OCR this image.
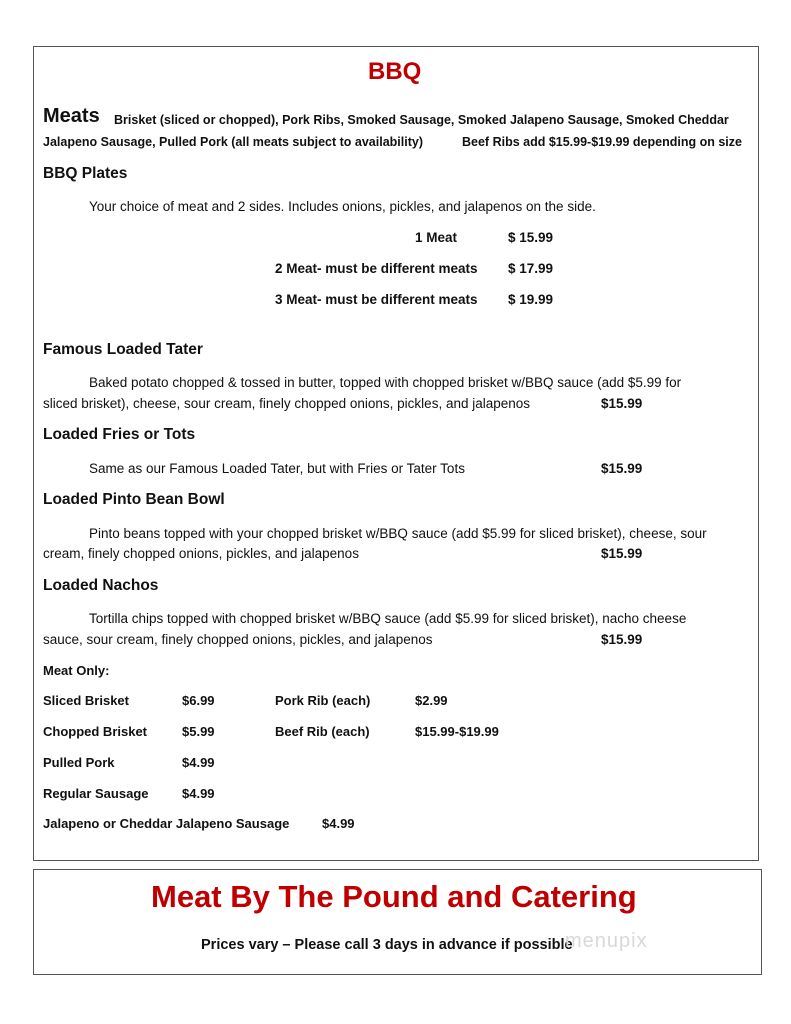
BBQ
Meats Brisket (sliced or chopped), Pork Ribs, Smoked Sausage, Smoked Jalapeno Sausage, Smoked Cheddar
Jalapeno Sausage, Pulled Pork (all meats subject to availability)	Beef Ribs add $15.99-$19.99 depending on size
BBQ Plates
Your choice of meat and 2 sides. Includes onions, pickles, and jalapenos on the side.
1 Meat	$ 15.99
2 Meat- must be different meats $ 17.99
3 Meat- must be different meats $ 19.99
Famous Loaded Tater
Baked potato chopped & tossed in butter, topped with chopped brisket w/BBQ sauce (add $5.99 for
sliced brisket), cheese, sour cream, finely chopped onions, pickles, and jalapenos	$15.99
Loaded Fries or Tots
Same as our Famous Loaded Tater, but with Fries or Tater Tots	$15.99
Loaded Pinto Bean Bowl
Pinto beans topped with your chopped brisket w/BBQ sauce (add $5.99 for sliced brisket), cheese, sour
cream, finely chopped onions, pickles, and jalapenos	$15.99
Loaded Nachos
Tortilla chips topped with chopped brisket w/BBQ sauce (add $5.99 for sliced brisket), nacho cheese
sauce, sour cream, finely chopped onions, pickles, and jalapenos	$15.99
Meat Only:
Sliced Brisket	$6.99	Pork Rib (each)	$2.99
Chopped Brisket	$5.99	Beef Rib (each)	$15.99-$19.99
Pulled Pork	$4.99
Regular Sausage	$4.99
Jalapeno or Cheddar Jalapeno Sausage	$4.99
Meat By The Pound and Catering
Prices vary – Please call 3 days in advance if possible
menupix
